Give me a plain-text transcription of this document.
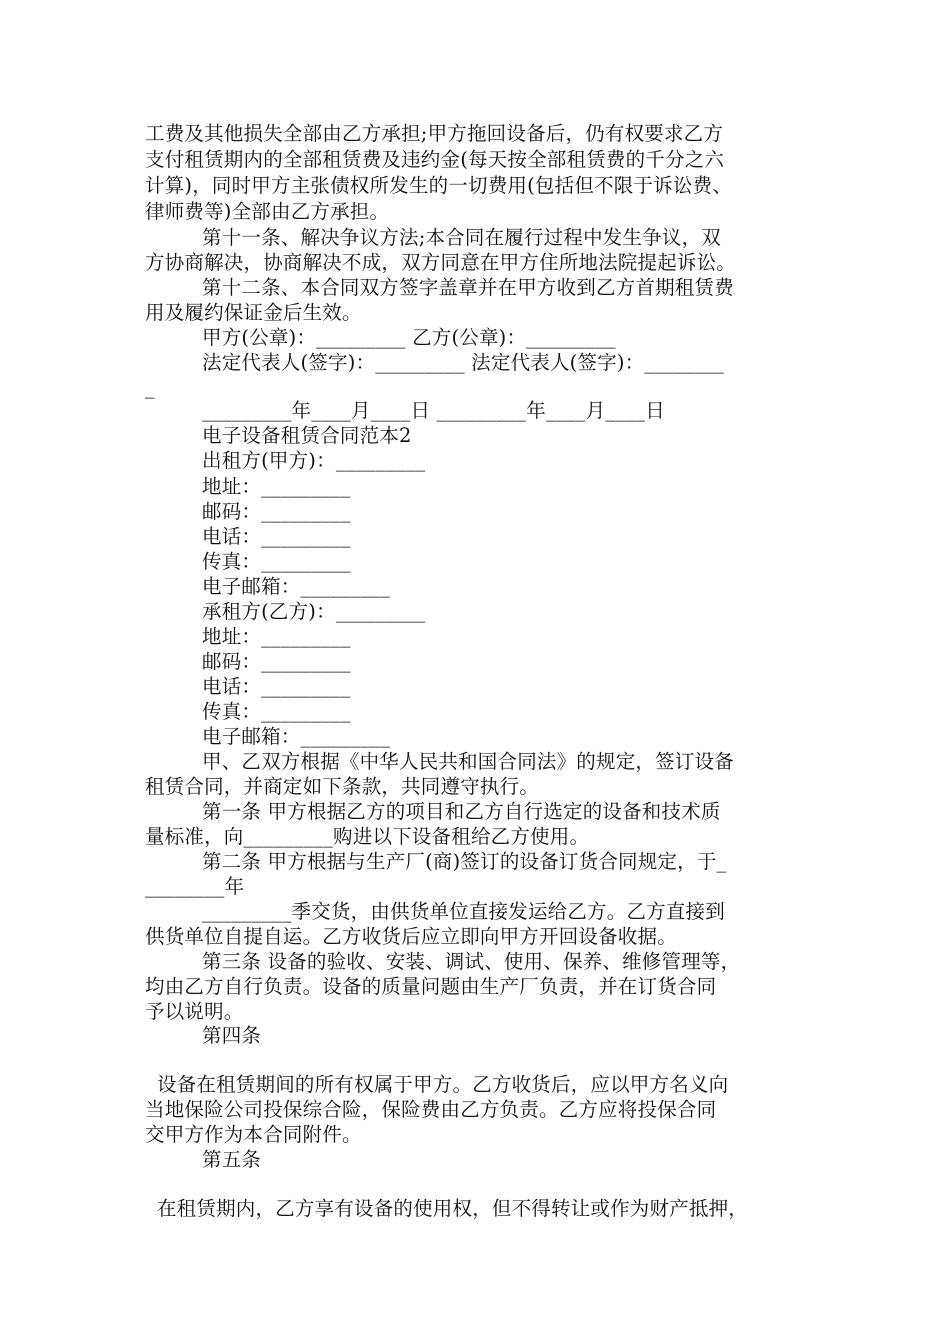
工费及其他损失全部由乙方承担;甲方拖回设备后，仍有权要求乙方
支付租赁期内的全部租赁费及违约金(每天按全部租赁费的千分之六
计算)，同时甲方主张债权所发生的一切费用(包括但不限于诉讼费、
律师费等)全部由乙方承担。
第十一条、解决争议方法;本合同在履行过程中发生争议，双
方协商解决，协商解决不成，双方同意在甲方住所地法院提起诉讼。
第十二条、本合同双方签字盖章并在甲方收到乙方首期租赁费
用及履约保证金后生效。
甲方(公章)：_________ 乙方(公章)：_________
法定代表人(签字)：_________ 法定代表人(签字)：________
_
_________年____月____日 _________年____月____日
电子设备租赁合同范本2
出租方(甲方)：_________
地址：_________
邮码：_________
电话：_________
传真：_________
电子邮箱：_________
承租方(乙方)：_________
地址：_________
邮码：_________
电话：_________
传真：_________
电子邮箱：_________
甲、乙双方根据《中华人民共和国合同法》的规定，签订设备
租赁合同，并商定如下条款，共同遵守执行。
第一条 甲方根据乙方的项目和乙方自行选定的设备和技术质
量标准，向_________购进以下设备租给乙方使用。
第二条 甲方根据与生产厂(商)签订的设备订货合同规定，于_
________年
_________季交货，由供货单位直接发运给乙方。乙方直接到
供货单位自提自运。乙方收货后应立即向甲方开回设备收据。
第三条 设备的验收、安装、调试、使用、保养、维修管理等，
均由乙方自行负责。设备的质量问题由生产厂负责，并在订货合同
予以说明。
第四条
设备在租赁期间的所有权属于甲方。乙方收货后，应以甲方名义向
当地保险公司投保综合险，保险费由乙方负责。乙方应将投保合同
交甲方作为本合同附件。
第五条
在租赁期内，乙方享有设备的使用权，但不得转让或作为财产抵押，
